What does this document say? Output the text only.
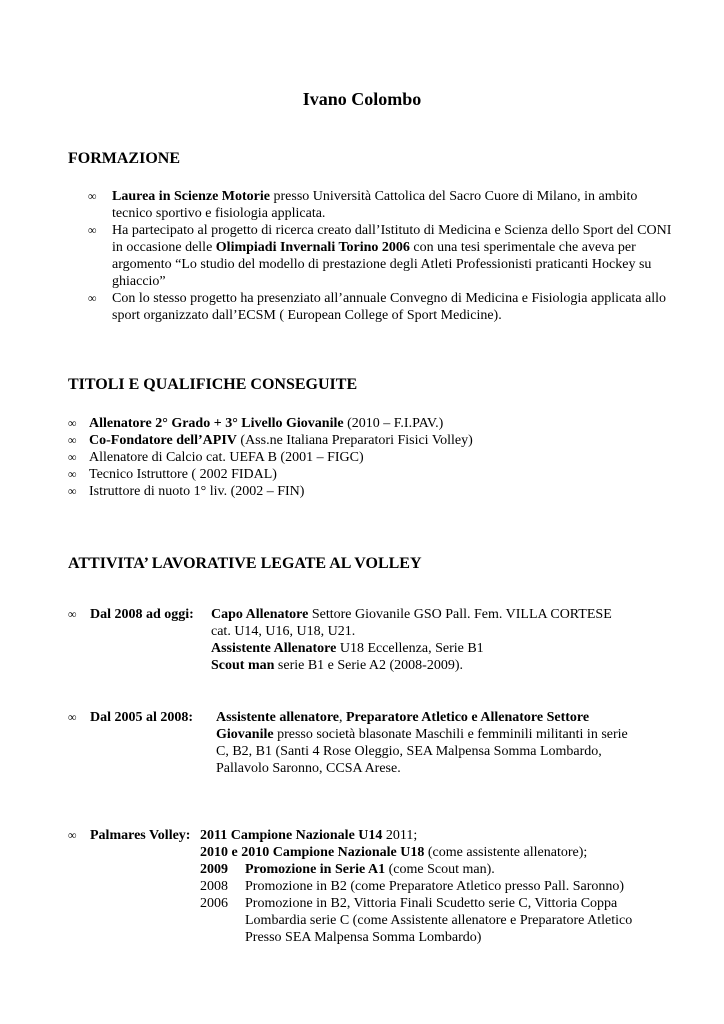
Ivano Colombo
FORMAZIONE
∞ Laurea in Scienze Motorie presso Università Cattolica del Sacro Cuore di Milano, in ambito tecnico sportivo e fisiologia applicata.
∞ Ha partecipato al progetto di ricerca creato dall’Istituto di Medicina e Scienza dello Sport del CONI in occasione delle Olimpiadi Invernali Torino 2006 con una tesi sperimentale che aveva per argomento “Lo studio del modello di prestazione degli Atleti Professionisti praticanti Hockey su ghiaccio”
∞ Con lo stesso progetto ha presenziato all’annuale Convegno di Medicina e Fisiologia applicata allo sport organizzato dall’ECSM ( European College of Sport Medicine).
TITOLI E QUALIFICHE CONSEGUITE
∞ Allenatore 2° Grado + 3° Livello Giovanile (2010 – F.I.PAV.)
∞ Co-Fondatore dell’APIV (Ass.ne Italiana Preparatori Fisici Volley)
∞ Allenatore di Calcio cat. UEFA B (2001 – FIGC)
∞ Tecnico Istruttore ( 2002 FIDAL)
∞ Istruttore di nuoto 1° liv. (2002 – FIN)
ATTIVITA’ LAVORATIVE LEGATE AL VOLLEY
∞ Dal 2008 ad oggi: Capo Allenatore Settore Giovanile GSO Pall. Fem. VILLA CORTESE
cat. U14, U16, U18, U21.
Assistente Allenatore U18 Eccellenza, Serie B1
Scout man serie B1 e Serie A2 (2008-2009).
∞ Dal 2005 al 2008: Assistente allenatore, Preparatore Atletico e Allenatore Settore
Giovanile presso società blasonate Maschili e femminili militanti in serie
C, B2, B1 (Santi 4 Rose Oleggio, SEA Malpensa Somma Lombardo,
Pallavolo Saronno, CCSA Arese.
∞ Palmares Volley: 2011 Campione Nazionale U14 2011;
2010 e 2010 Campione Nazionale U18 (come assistente allenatore);
2009 Promozione in Serie A1 (come Scout man).
2008 Promozione in B2 (come Preparatore Atletico presso Pall. Saronno)
2006 Promozione in B2, Vittoria Finali Scudetto serie C, Vittoria Coppa
Lombardia serie C (come Assistente allenatore e Preparatore Atletico
Presso SEA Malpensa Somma Lombardo)
